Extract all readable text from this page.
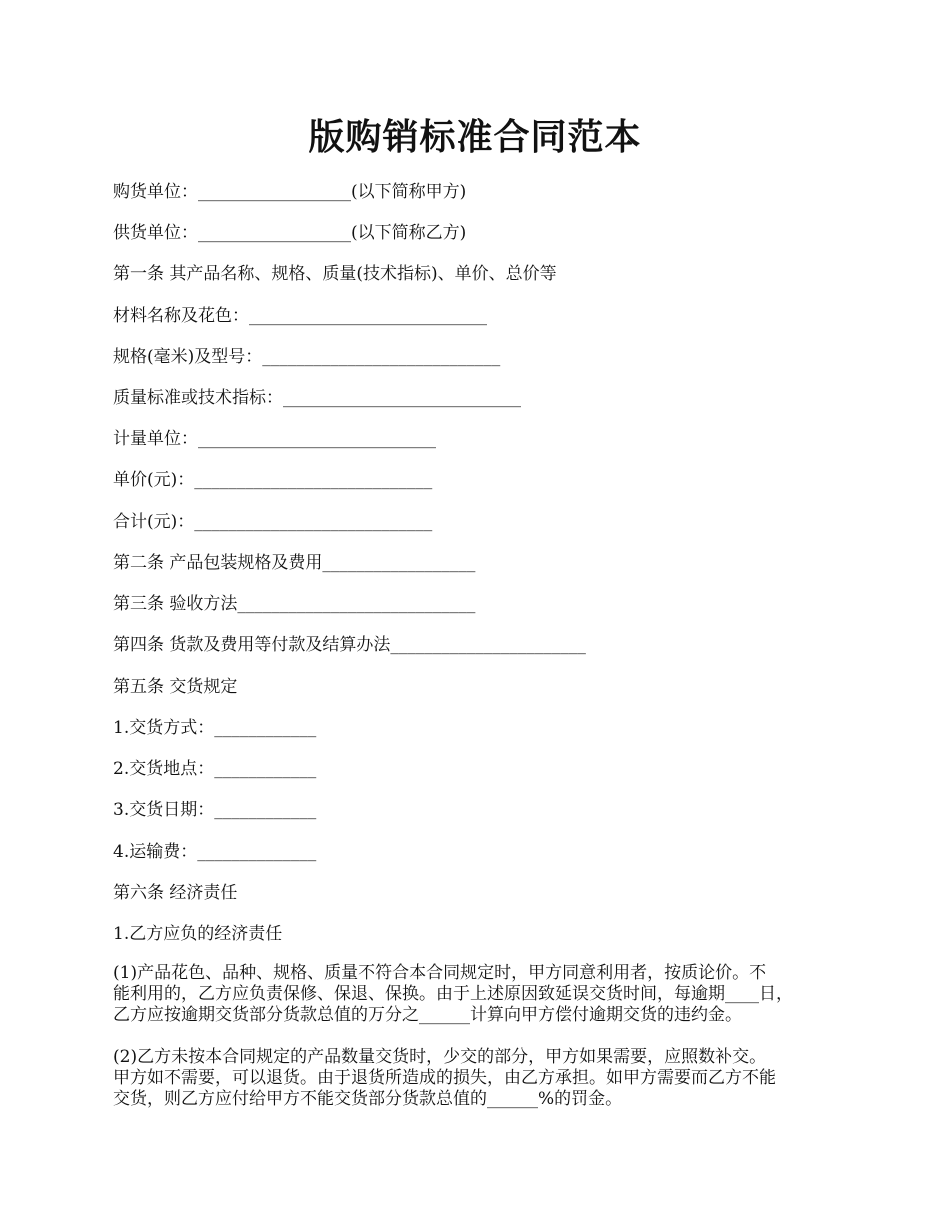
版购销标准合同范本

购货单位：__________________(以下简称甲方)

供货单位：__________________(以下简称乙方)

第一条 其产品名称、规格、质量(技术指标)、单价、总价等

材料名称及花色：____________________________

规格(毫米)及型号：____________________________

质量标准或技术指标：____________________________

计量单位：____________________________

单价(元)：____________________________

合计(元)：____________________________

第二条 产品包装规格及费用__________________

第三条 验收方法____________________________

第四条 货款及费用等付款及结算办法_______________________

第五条 交货规定

1.交货方式：____________

2.交货地点：____________

3.交货日期：____________

4.运输费：______________

第六条 经济责任

1.乙方应负的经济责任

(1)产品花色、品种、规格、质量不符合本合同规定时，甲方同意利用者，按质论价。不
能利用的，乙方应负责保修、保退、保换。由于上述原因致延误交货时间，每逾期____日，
乙方应按逾期交货部分货款总值的万分之______计算向甲方偿付逾期交货的违约金。
(2)乙方未按本合同规定的产品数量交货时，少交的部分，甲方如果需要，应照数补交。
甲方如不需要，可以退货。由于退货所造成的损失，由乙方承担。如甲方需要而乙方不能
交货，则乙方应付给甲方不能交货部分货款总值的______%的罚金。
